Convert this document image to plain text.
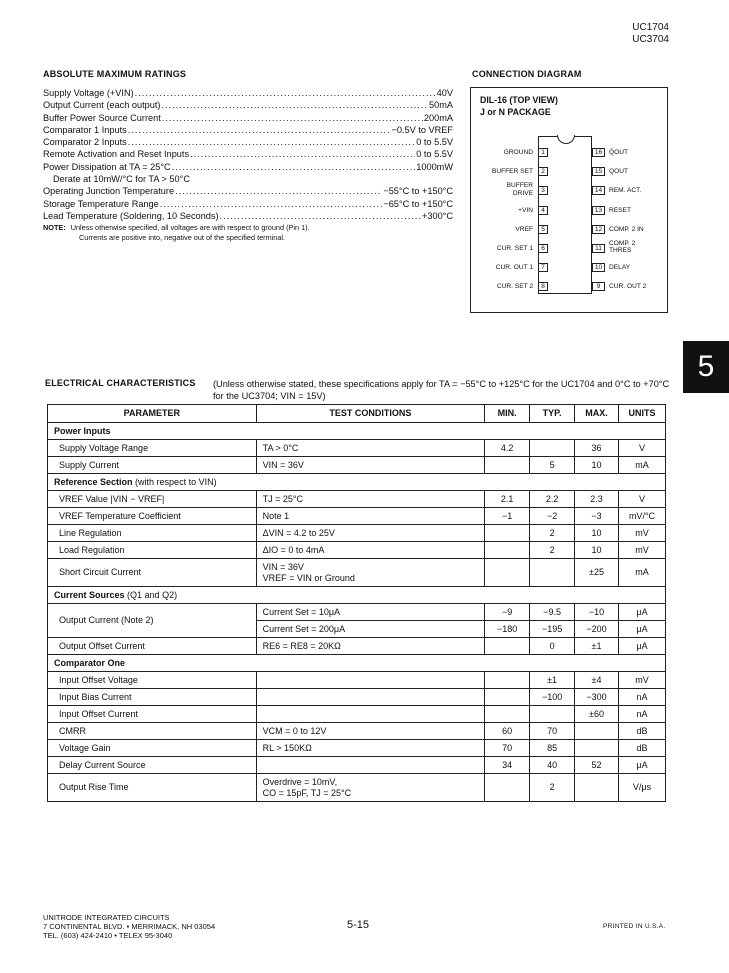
UC1704
UC3704
ABSOLUTE MAXIMUM RATINGS
Supply Voltage (+VIN) .....	40V
Output Current (each output) .....	50mA
Buffer Power Source Current .....	200mA
Comparator 1 Inputs .....	−0.5V to VREF
Comparator 2 Inputs .....	0 to 5.5V
Remote Activation and Reset Inputs .....	0 to 5.5V
Power Dissipation at TA = 25°C .....	1000mW
Derate at 10mW/°C for TA > 50°C
Operating Junction Temperature .....	−55°C to +150°C
Storage Temperature Range .....	−65°C to +150°C
Lead Temperature (Soldering, 10 Seconds) .....	+300°C
NOTE: Unless otherwise specified, all voltages are with respect to ground (Pin 1).
Currents are positive into, negative out of the specified terminal.
CONNECTION DIAGRAM
DIL-16 (TOP VIEW)
J or N PACKAGE
1
GROUND
2
BUFFER SET
3
BUFFER
DRIVE
4
+VIN
5
VREF
6
CUR. SET 1
7
CUR. OUT 1
8
CUR. SET 2
16	Q̄OUT
15	QOUT
14	REM. ACT.
13	RESET
12	COMP. 2 IN
11
COMP. 2
THRES
10	DELAY
9	CUR. OUT 2
5
ELECTRICAL CHARACTERISTICS (Unless otherwise stated, these specifications apply for TA = −55°C to +125°C for the UC1704 and 0°C to +70°C for the UC3704; VIN = 15V)
PARAMETER	TEST CONDITIONS	MIN.	TYP.	MAX.	UNITS
Power Inputs					
Supply Voltage Range	TA > 0°C	4.2		36	V
Supply Current	VIN = 36V		5	10	mA
Reference Section (with respect to VIN)					
VREF Value |VIN − VREF|	TJ = 25°C	2.1	2.2	2.3	V
VREF Temperature Coefficient	Note 1	−1	−2	−3	mV/°C
Line Regulation	ΔVIN = 4.2 to 25V		2	10	mV
Load Regulation	ΔIO = 0 to 4mA		2	10	mV
Short Circuit Current	VIN = 36V
VREF = VIN or Ground			±25	mA
Current Sources (Q1 and Q2)					
Output Current (Note 2)	Current Set = 10μA	−9	−9.5	−10	μA

	Current Set = 200μA	−180	−195	−200	μA
Output Offset Current	RE6 = RE8 = 20KΩ		0	±1	μA
Comparator One					
Input Offset Voltage			±1	±4	mV
Input Bias Current			−100	−300	nA
Input Offset Current				±60	nA
CMRR	VCM = 0 to 12V	60	70		dB
Voltage Gain	RL > 150KΩ	70	85		dB
Delay Current Source		34	40	52	μA
Output Rise Time	Overdrive = 10mV,
CO = 15pF, TJ = 25°C		2		V/μs
UNITRODE INTEGRATED CIRCUITS
7 CONTINENTAL BLVD. • MERRIMACK, NH 03054
TEL. (603) 424-2410 • TELEX 95-3040
5-15	PRINTED IN U.S.A.
